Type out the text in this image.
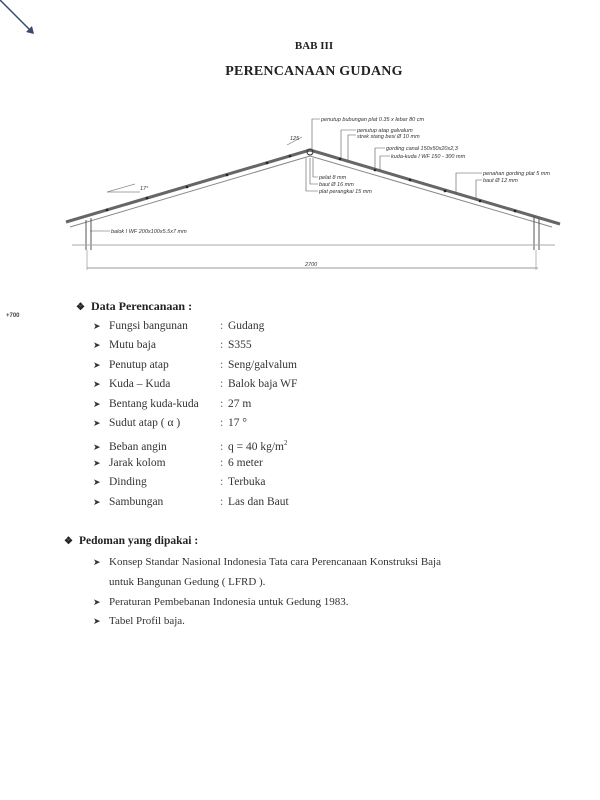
BAB III
PERENCANAAN GUDANG
2700
17°
125
penutup bubungan plat 0.35 x lebar 80 cm
penutup atap galvalum
strek stang besi Ø 10 mm
gording canal 150x50x20x2,3
kuda-kuda I WF 150 - 300 mm
penahan gording plat 5 mm
baut Ø 12 mm
pelat 8 mm
baut Ø 16 mm
plat perangkai 15 mm
balok I WF 200x100x5.5x7 mm
+700
❖ Data Perencanaan :
➤ Fungsi bangunan	: Gudang
➤ Mutu baja	: S355
➤ Penutup atap	: Seng/galvalum
➤ Kuda – Kuda	: Balok baja WF
➤ Bentang kuda-kuda : 27 m
➤ Sudut atap ( α )	: 17 °
➤ Beban angin	: q = 40 $kg/m^2$
➤ Jarak kolom	: 6 meter
➤ Dinding	: Terbuka
➤ Sambungan	: Las dan Baut
❖ Pedoman yang dipakai :
➤ Konsep Standar Nasional Indonesia Tata cara Perencanaan Konstruksi Baja
untuk Bangunan Gedung ( LFRD ).
➤ Peraturan Pembebanan Indonesia untuk Gedung 1983.
➤ Tabel Profil baja.
